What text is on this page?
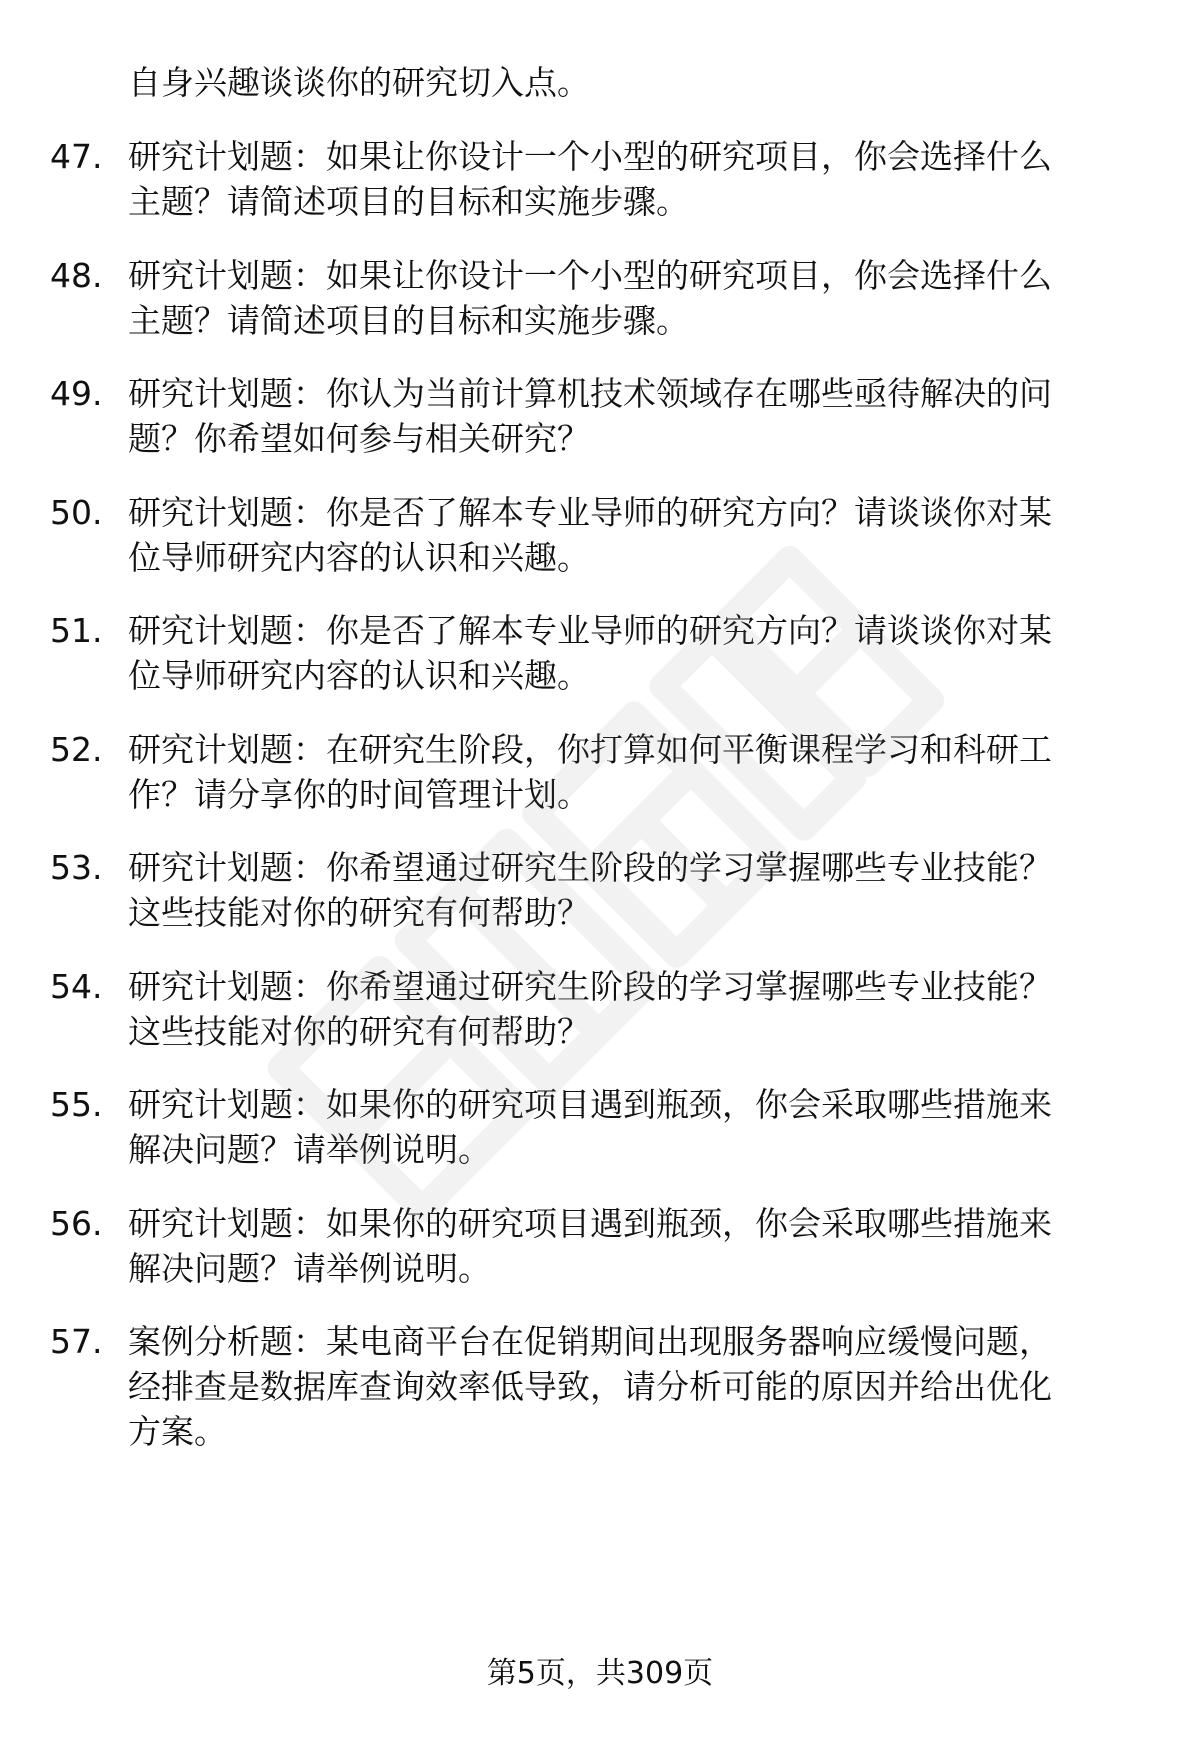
自身兴趣谈谈你的研究切入点。
47. 研究计划题：如果让你设计一个小型的研究项目，你会选择什么
主题？请简述项目的目标和实施步骤。
48. 研究计划题：如果让你设计一个小型的研究项目，你会选择什么
主题？请简述项目的目标和实施步骤。
49. 研究计划题：你认为当前计算机技术领域存在哪些亟待解决的问
题？你希望如何参与相关研究？
50. 研究计划题：你是否了解本专业导师的研究方向？请谈谈你对某
位导师研究内容的认识和兴趣。
51. 研究计划题：你是否了解本专业导师的研究方向？请谈谈你对某
位导师研究内容的认识和兴趣。
52. 研究计划题：在研究生阶段，你打算如何平衡课程学习和科研工
作？请分享你的时间管理计划。
53. 研究计划题：你希望通过研究生阶段的学习掌握哪些专业技能？
这些技能对你的研究有何帮助？
54. 研究计划题：你希望通过研究生阶段的学习掌握哪些专业技能？
这些技能对你的研究有何帮助？
55. 研究计划题：如果你的研究项目遇到瓶颈，你会采取哪些措施来
解决问题？请举例说明。
56. 研究计划题：如果你的研究项目遇到瓶颈，你会采取哪些措施来
解决问题？请举例说明。
57. 案例分析题：某电商平台在促销期间出现服务器响应缓慢问题，
经排查是数据库查询效率低导致，请分析可能的原因并给出优化
方案。
第5页，共309页
